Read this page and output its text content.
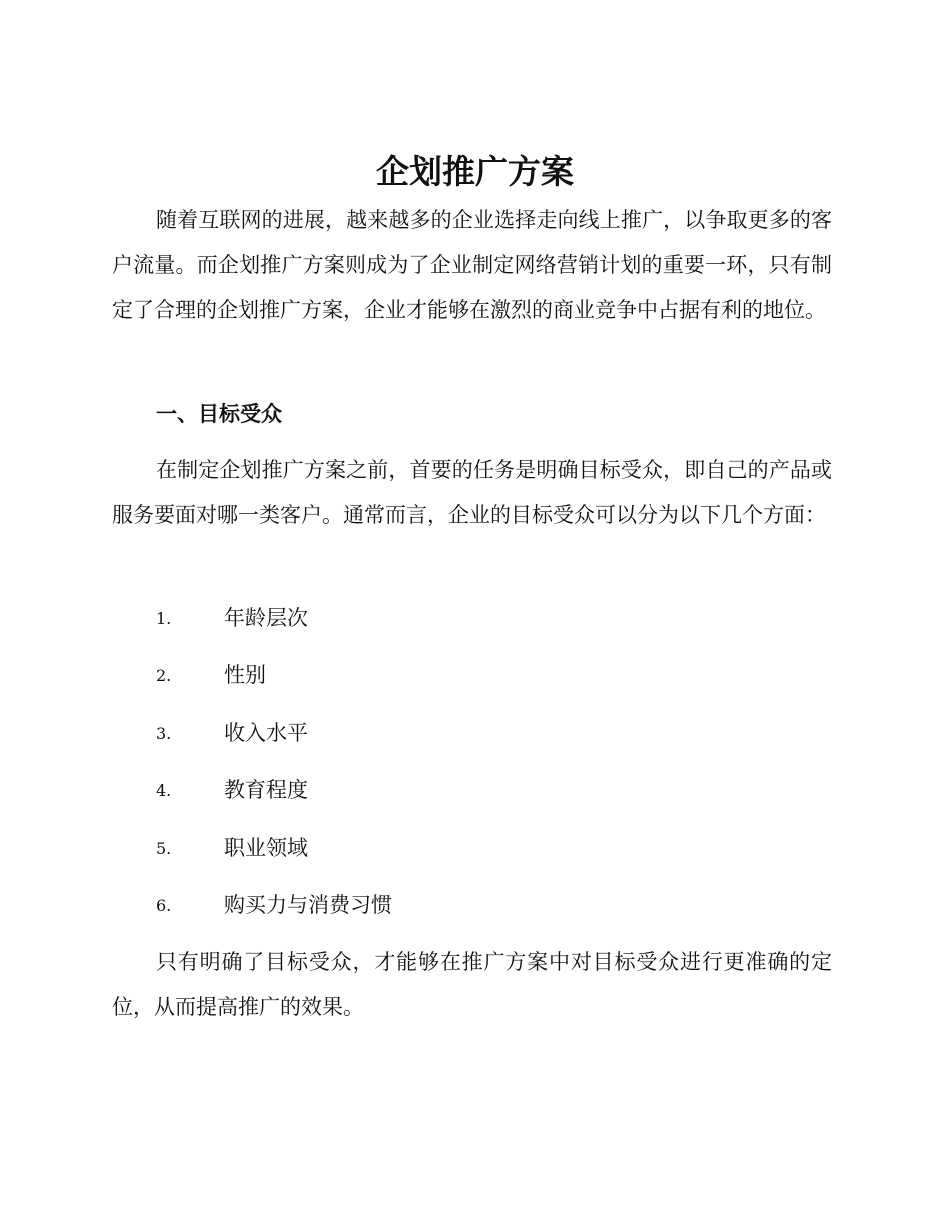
企划推广方案

随着互联网的进展，越来越多的企业选择走向线上推广，以争取更多的客户流量。而企划推广方案则成为了企业制定网络营销计划的重要一环，只有制定了合理的企划推广方案，企业才能够在激烈的商业竞争中占据有利的地位。

一、目标受众

在制定企划推广方案之前，首要的任务是明确目标受众，即自己的产品或服务要面对哪一类客户。通常而言，企业的目标受众可以分为以下几个方面：

1.	年龄层次
2.	性别
3.	收入水平
4.	教育程度
5.	职业领域
6.	购买力与消费习惯

只有明确了目标受众，才能够在推广方案中对目标受众进行更准确的定位，从而提高推广的效果。
